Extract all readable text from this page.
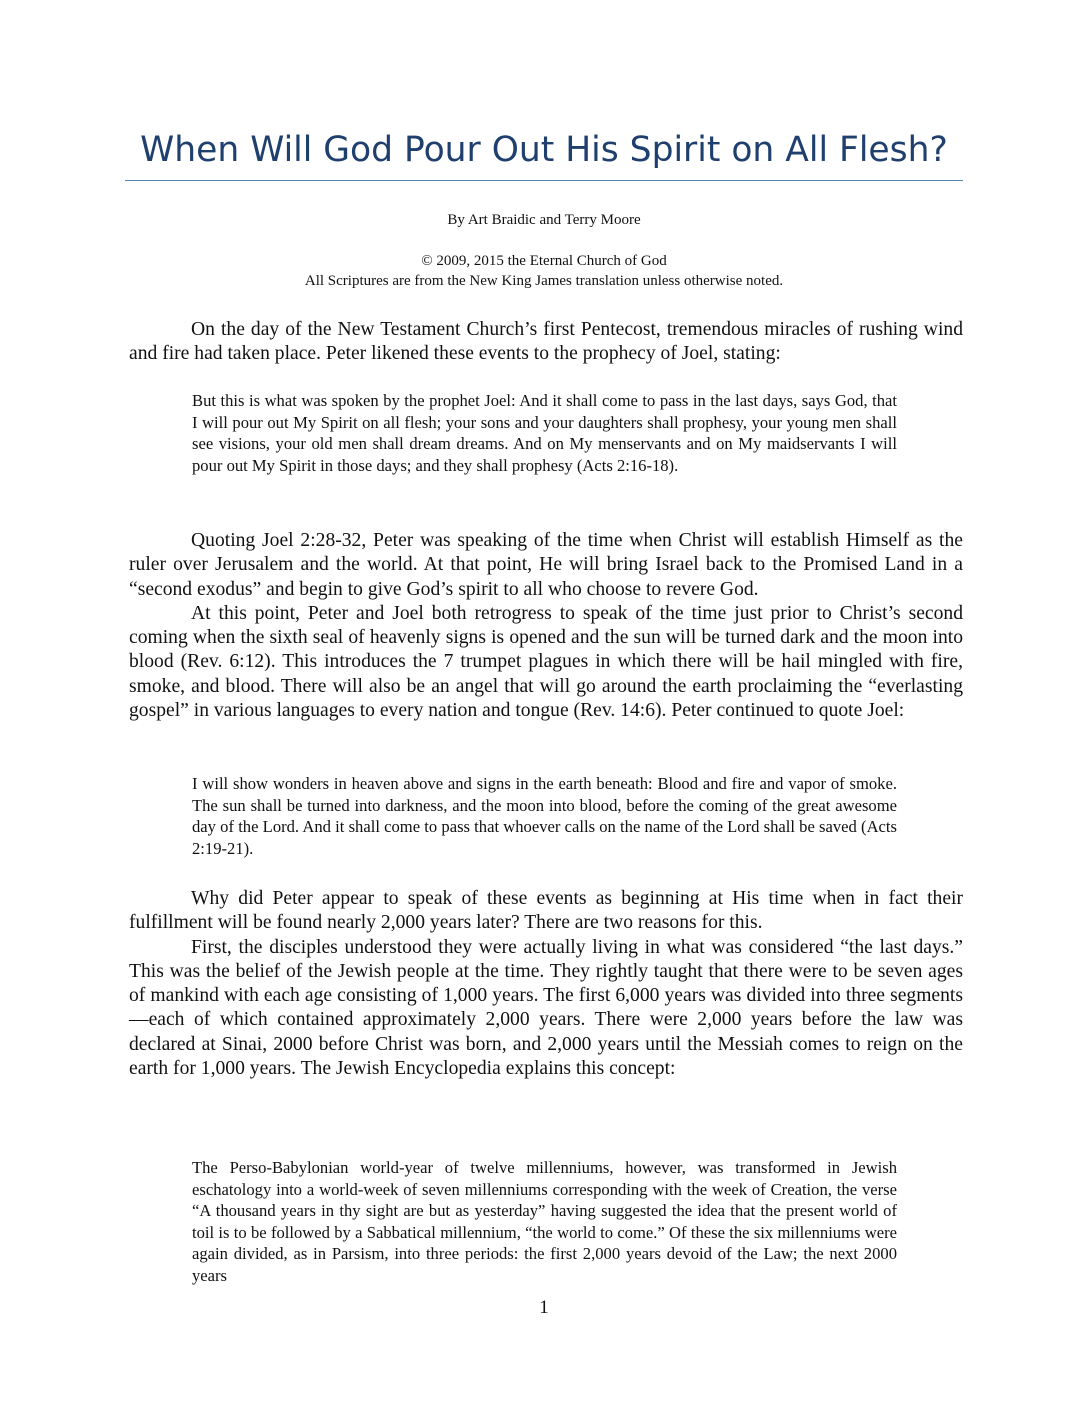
When Will God Pour Out His Spirit on All Flesh?

By Art Braidic and Terry Moore

© 2009, 2015 the Eternal Church of God

All Scriptures are from the New King James translation unless otherwise noted.

On the day of the New Testament Church’s first Pentecost, tremendous miracles of rushing wind and fire had taken place. Peter likened these events to the prophecy of Joel, stating:

But this is what was spoken by the prophet Joel: And it shall come to pass in the last days, says God, that I will pour out My Spirit on all flesh; your sons and your daughters shall prophesy, your young men shall see visions, your old men shall dream dreams. And on My menservants and on My maidservants I will pour out My Spirit in those days; and they shall prophesy (Acts 2:16-18).

Quoting Joel 2:28-32, Peter was speaking of the time when Christ will establish Himself as the ruler over Jerusalem and the world. At that point, He will bring Israel back to the Promised Land in a “second exodus” and begin to give God’s spirit to all who choose to revere God.

At this point, Peter and Joel both retrogress to speak of the time just prior to Christ’s second coming when the sixth seal of heavenly signs is opened and the sun will be turned dark and the moon into blood (Rev. 6:12). This introduces the 7 trumpet plagues in which there will be hail mingled with fire, smoke, and blood. There will also be an angel that will go around the earth proclaiming the “everlasting gospel” in various languages to every nation and tongue (Rev. 14:6). Peter continued to quote Joel:

I will show wonders in heaven above and signs in the earth beneath: Blood and fire and vapor of smoke. The sun shall be turned into darkness, and the moon into blood, before the coming of the great awesome day of the Lord. And it shall come to pass that whoever calls on the name of the Lord shall be saved (Acts 2:19-21).

Why did Peter appear to speak of these events as beginning at His time when in fact their fulfillment will be found nearly 2,000 years later? There are two reasons for this.

First, the disciples understood they were actually living in what was considered “the last days.” This was the belief of the Jewish people at the time. They rightly taught that there were to be seven ages of mankind with each age consisting of 1,000 years. The first 6,000 years was divided into three segments—each of which contained approximately 2,000 years. There were 2,000 years before the law was declared at Sinai, 2000 before Christ was born, and 2,000 years until the Messiah comes to reign on the earth for 1,000 years. The Jewish Encyclopedia explains this concept:

The Perso-Babylonian world-year of twelve millenniums, however, was transformed in Jewish eschatology into a world-week of seven millenniums corresponding with the week of Creation, the verse “A thousand years in thy sight are but as yesterday” having suggested the idea that the present world of toil is to be followed by a Sabbatical millennium, “the world to come.” Of these the six millenniums were again divided, as in Parsism, into three periods: the first 2,000 years devoid of the Law; the next 2000 years

1
